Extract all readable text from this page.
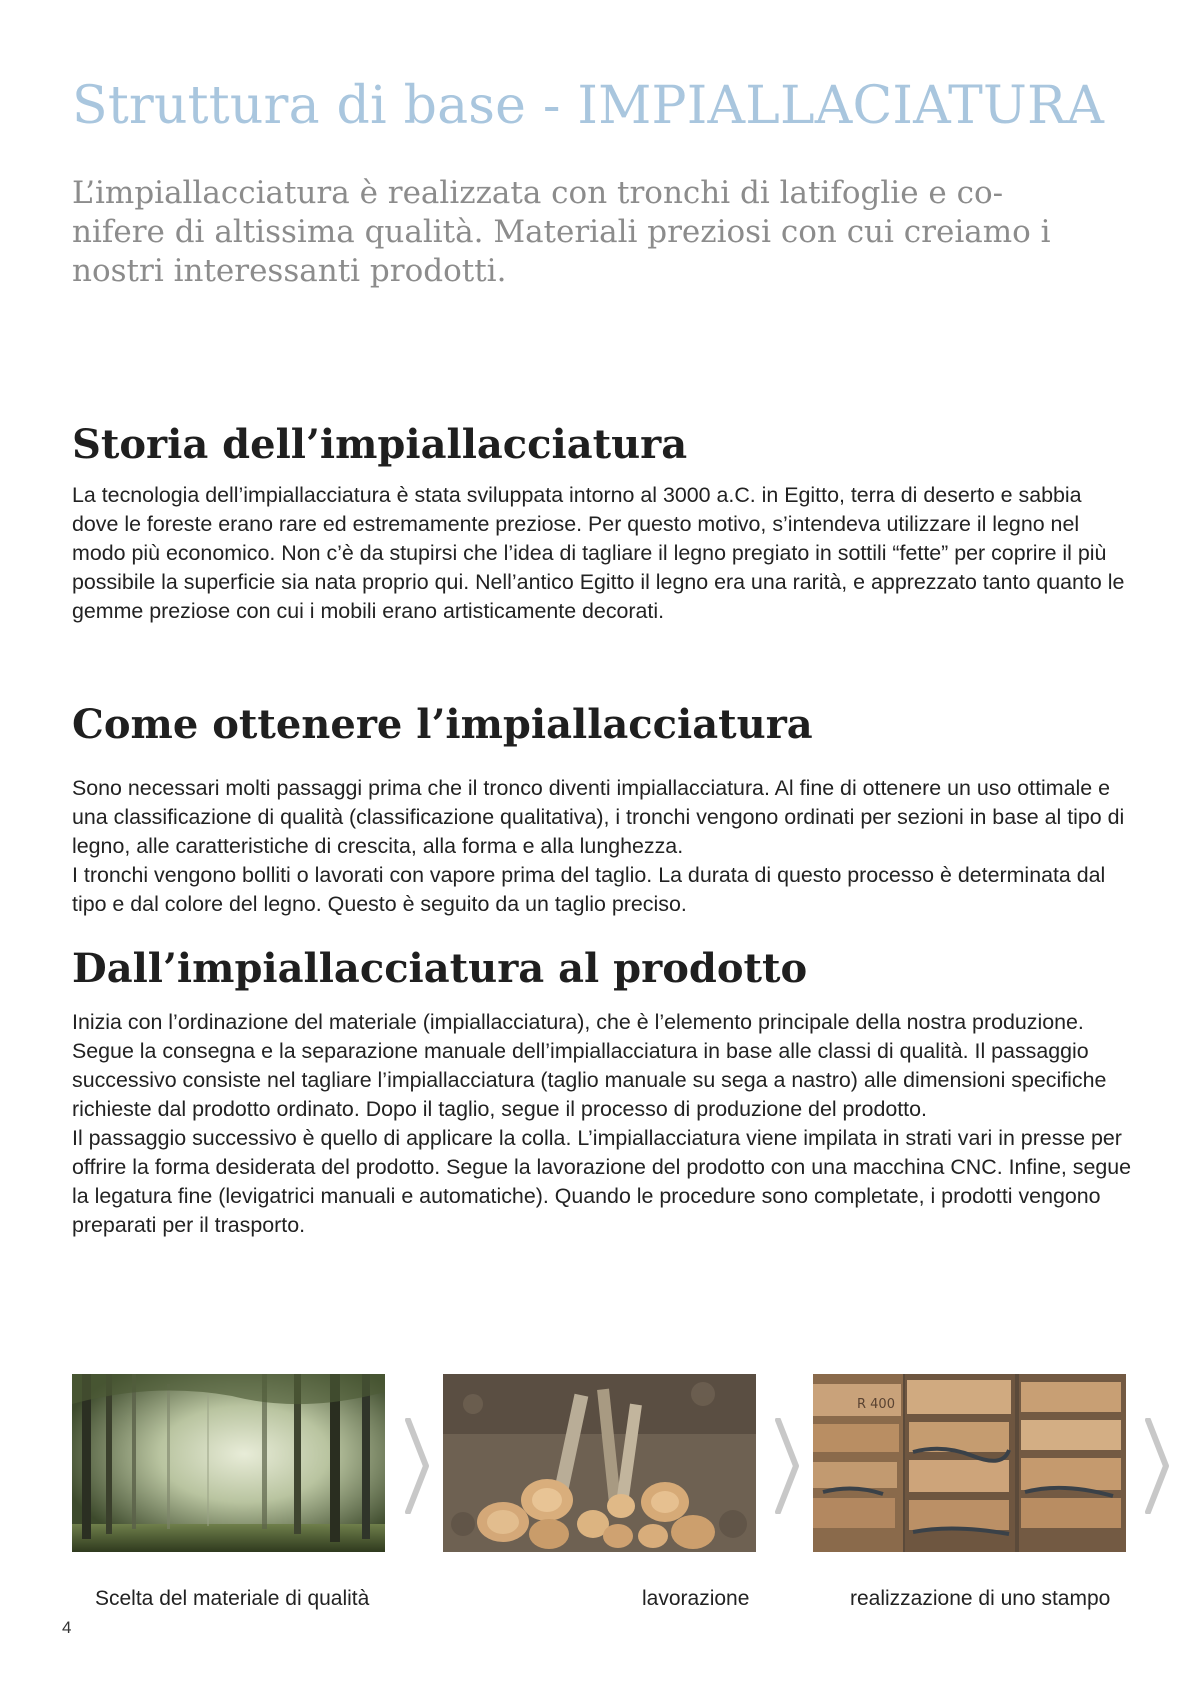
Struttura di base - IMPIALLACIATURA

L’impiallacciatura è realizzata con tronchi di latifoglie e co-nifere di altissima qualità. Materiali preziosi con cui creiamo i nostri interessanti prodotti.

Storia dell’impiallacciatura

La tecnologia dell’impiallacciatura è stata sviluppata intorno al 3000 a.C. in Egitto, terra di deserto e sabbia dove le foreste erano rare ed estremamente preziose. Per questo motivo, s’intendeva utilizzare il legno nel modo più economico. Non c’è da stupirsi che l’idea di tagliare il legno pregiato in sottili “fette” per coprire il più possibile la superficie sia nata proprio qui. Nell’antico Egitto il legno era una rarità, e apprezzato tanto quanto le gemme preziose con cui i mobili erano artisticamente decorati.

Come ottenere l’impiallacciatura

Sono necessari molti passaggi prima che il tronco diventi impiallacciatura. Al fine di ottenere un uso ottimale e una classificazione di qualità (classificazione qualitativa), i tronchi vengono ordinati per sezioni in base al tipo di legno, alle caratteristiche di crescita, alla forma e alla lunghezza.
I tronchi vengono bolliti o lavorati con vapore prima del taglio. La durata di questo processo è determinata dal tipo e dal colore del legno. Questo è seguito da un taglio preciso.

Dall’impiallacciatura al prodotto

Inizia con l’ordinazione del materiale (impiallacciatura), che è l’elemento principale della nostra produzione. Segue la consegna e la separazione manuale dell’impiallacciatura in base alle classi di qualità. Il passaggio successivo consiste nel tagliare l’impiallacciatura (taglio manuale su sega a nastro) alle dimensioni specifiche richieste dal prodotto ordinato. Dopo il taglio, segue il processo di produzione del prodotto.
Il passaggio successivo è quello di applicare la colla. L’impiallacciatura viene impilata in strati vari in presse per offrire la forma desiderata del prodotto. Segue la lavorazione del prodotto con una macchina CNC. Infine, segue la legatura fine (levigatrici manuali e automatiche). Quando le procedure sono completate, i prodotti vengono preparati per il trasporto.

R 400

Scelta del materiale di qualità	lavorazione	realizzazione di uno stampo

4
